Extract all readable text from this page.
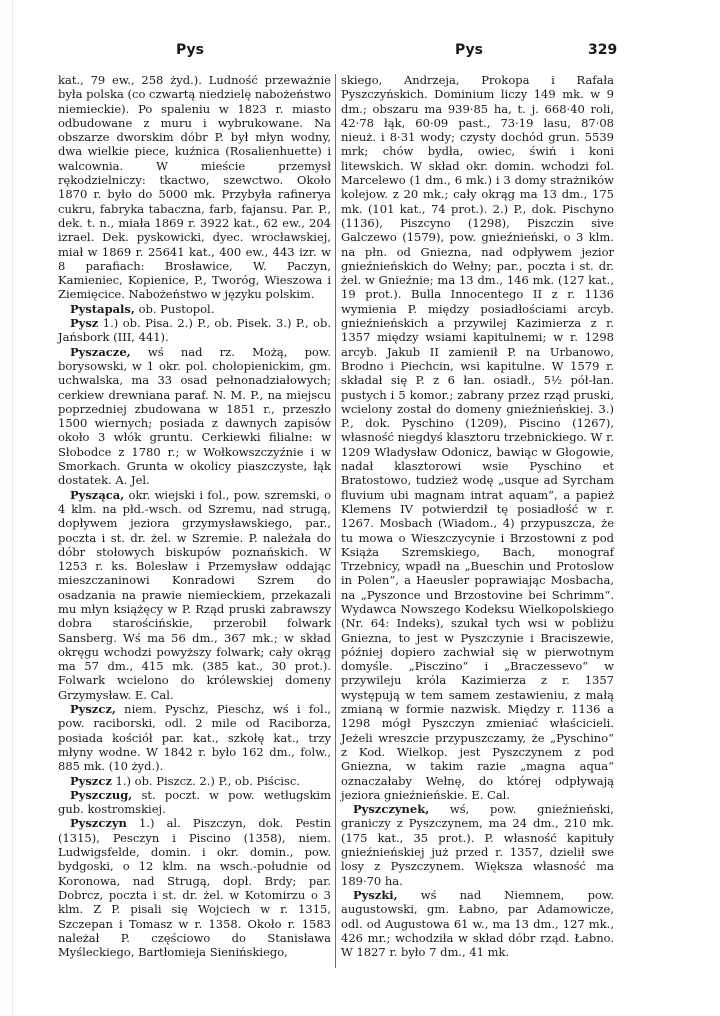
Pys	Pys	329

kat., 79 ew., 258 żyd.). Ludność przeważnie była polska (co czwartą niedzielę nabożeństwo niemieckie). Po spaleniu w 1823 r. miasto odbudowane z muru i wybrukowane. Na obszarze dworskim dóbr P. był młyn wodny, dwa wielkie piece, kuźnica (Rosalienhuette) i walcownia. W mieście przemysł rękodzielniczy: tkactwo, szewctwo. Około 1870 r. było do 5000 mk. Przybyła rafinerya cukru, fabryka tabaczna, farb, fajansu. Par. P., dek. t. n., miała 1869 r. 3922 kat., 62 ew., 204 izrael. Dek. pyskowicki, dyec. wrocławskiej, miał w 1869 r. 25641 kat., 400 ew., 443 izr. w 8 parafiach: Brosławice, W. Paczyn, Kamieniec, Kopienice, P., Tworóg, Wieszowa i Ziemięcice. Nabożeństwo w języku polskim.

Pystapals, ob. Pustopol.

Pysz 1.) ob. Pisa. 2.) P., ob. Pisek. 3.) P., ob. Jańsbork (III, 441).

Pyszacze, wś nad rz. Możą, pow. borysowski, w 1 okr. pol. chołopienickim, gm. uchwalska, ma 33 osad pełnonadziałowych; cerkiew drewniana paraf. N. M. P., na miejscu poprzedniej zbudowana w 1851 r., przeszło 1500 wiernych; posiada z dawnych zapisów około 3 włók gruntu. Cerkiewki filialne: w Słobodce z 1780 r.; w Wołkowszczyźnie i w Smorkach. Grunta w okolicy piaszczyste, łąk dostatek. A. Jel.

Pysząca, okr. wiejski i fol., pow. szremski, o 4 klm. na płd.-wsch. od Szremu, nad strugą, dopływem jeziora grzymysławskiego, par., poczta i st. dr. żel. w Szremie. P. należała do dóbr stołowych biskupów poznańskich. W 1253 r. ks. Bolesław i Przemysław oddając mieszczaninowi Konradowi Szrem do osadzania na prawie niemieckiem, przekazali mu młyn książęcy w P. Rząd pruski zabrawszy dobra starościńskie, przerobił folwark Sansberg. Wś ma 56 dm., 367 mk.; w skład okręgu wchodzi powyższy folwark; cały okrąg ma 57 dm., 415 mk. (385 kat., 30 prot.). Folwark wcielono do królewskiej domeny Grzymysław. E. Cal.

Pyszcz, niem. Pyschz, Pieschz, wś i fol., pow. raciborski, odl. 2 mile od Raciborza, posiada kościół par. kat., szkołę kat., trzy młyny wodne. W 1842 r. było 162 dm., folw., 885 mk. (10 żyd.).

Pyszcz 1.) ob. Piszcz. 2.) P., ob. Piścisc.

Pyszczug, st. poczt. w pow. wetługskim gub. kostromskiej.

Pyszczyn 1.) al. Piszczyn, dok. Pestin (1315), Pesczyn i Piscino (1358), niem. Ludwigsfelde, domin. i okr. domin., pow. bydgoski, o 12 klm. na wsch.-południe od Koronowa, nad Strugą, dopł. Brdy; par. Dobrcz, poczta i st. dr. żel. w Kotomirzu o 3 klm. Z P. pisali się Wojciech w r. 1315, Szczepan i Tomasz w r. 1358. Około r. 1583 należał P. częściowo do Stanisława Myśleckiego, Bartłomieja Sienińskiego,

skiego, Andrzeja, Prokopa i Rafała Pyszczyńskich. Dominium liczy 149 mk. w 9 dm.; obszaru ma 939·85 ha, t. j. 668·40 roli, 42·78 łąk, 60·09 past., 73·19 lasu, 87·08 nieuż. i 8·31 wody; czysty dochód grun. 5539 mrk; chów bydła, owiec, świń i koni litewskich. W skład okr. domin. wchodzi fol. Marcelewo (1 dm., 6 mk.) i 3 domy strażników kolejow. z 20 mk.; cały okrąg ma 13 dm., 175 mk. (101 kat., 74 prot.). 2.) P., dok. Pischyno (1136), Piszcyno (1298), Piszczin sive Galczewo (1579), pow. gnieźnieński, o 3 klm. na płn. od Gniezna, nad odpływem jezior gnieźnieńskich do Wełny; par., poczta i st. dr. żel. w Gnieźnie; ma 13 dm., 146 mk. (127 kat., 19 prot.). Bulla Innocentego II z r. 1136 wymienia P. między posiadłościami arcyb. gnieźnieńskich a przywilej Kazimierza z r. 1357 między wsiami kapitulnemi; w r. 1298 arcyb. Jakub II zamienił P. na Urbanowo, Brodno i Piechcin, wsi kapitulne. W 1579 r. składał się P. z 6 łan. osiadł., 5½ pół-łan. pustych i 5 komor.; zabrany przez rząd pruski, wcielony został do domeny gnieźnieńskiej. 3.) P., dok. Pyschino (1209), Piscino (1267), własność niegdyś klasztoru trzebnickiego. W r. 1209 Władysław Odonicz, bawiąc w Głogowie, nadał klasztorowi wsie Pyschino et Bratostowo, tudzież wodę „usque ad Syrcham fluvium ubi magnam intrat aquam“, a papież Klemens IV potwierdził tę posiadłość w r. 1267. Mosbach (Wiadom., 4) przypuszcza, że tu mowa o Wieszczycynie i Brzostowni z pod Książa Szremskiego, Bach, monograf Trzebnicy, wpadł na „Bueschin und Protoslow in Polen“, a Haeusler poprawiając Mosbacha, na „Pyszonce und Brzostovine bei Schrimm“. Wydawca Nowszego Kodeksu Wielkopolskiego (Nr. 64: Indeks), szukał tych wsi w pobliżu Gniezna, to jest w Pyszczynie i Braciszewie, później dopiero zachwiał się w pierwotnym domyśle. „Pisczino“ i „Braczessevo“ w przywileju króla Kazimierza z r. 1357 występują w tem samem zestawieniu, z małą zmianą w formie nazwisk. Między r. 1136 a 1298 mógł Pyszczyn zmieniać właścicieli. Jeżeli wreszcie przypuszczamy, że „Pyschino“ z Kod. Wielkop. jest Pyszczynem z pod Gniezna, w takim razie „magna aqua“ oznaczałaby Wełnę, do której odpływają jeziora gnieźnieńskie. E. Cal.

Pyszczynek, wś, pow. gnieźnieński, graniczy z Pyszczynem, ma 24 dm., 210 mk. (175 kat., 35 prot.). P. własność kapituły gnieźnieńskiej już przed r. 1357, dzielił swe losy z Pyszczynem. Większa własność ma 189·70 ha.

Pyszki, wś nad Niemnem, pow. augustowski, gm. Łabno, par Adamowicze, odl. od Augustowa 61 w., ma 13 dm., 127 mk., 426 mr.; wchodziła w skład dóbr rząd. Łabno. W 1827 r. było 7 dm., 41 mk.
